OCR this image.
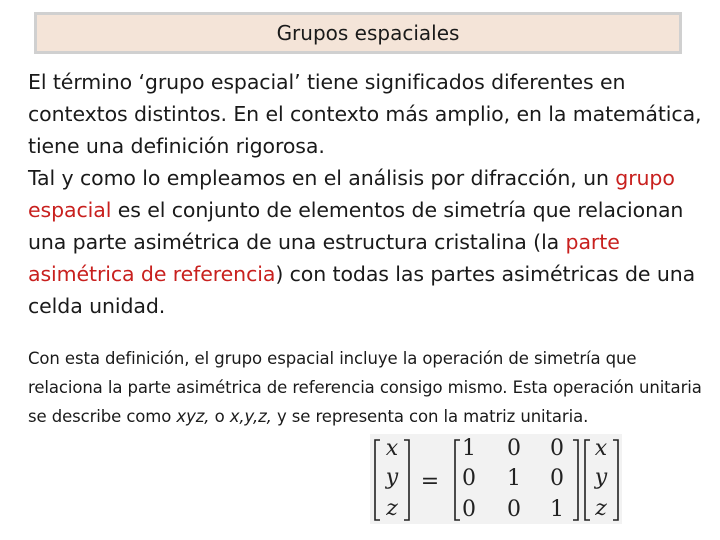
Grupos espaciales

El término ‘grupo espacial’ tiene significados diferentes en contextos distintos. En el contexto más amplio, en la matemática, tiene una definición rigorosa.

Tal y como lo empleamos en el análisis por difracción, un grupo espacial es el conjunto de elementos de simetría que relacionan una parte asimétrica de una estructura cristalina (la parte asimétrica de referencia) con todas las partes asimétricas de una celda unidad.

Con esta definición, el grupo espacial incluye la operación de simetría que relaciona la parte asimétrica de referencia consigo mismo. Esta operación unitaria se describe como xyz, o x,y,z, y se representa con la matriz unitaria.

x
y
z
=
1 0 0
0 1 0
0 0 1
x
y
z
